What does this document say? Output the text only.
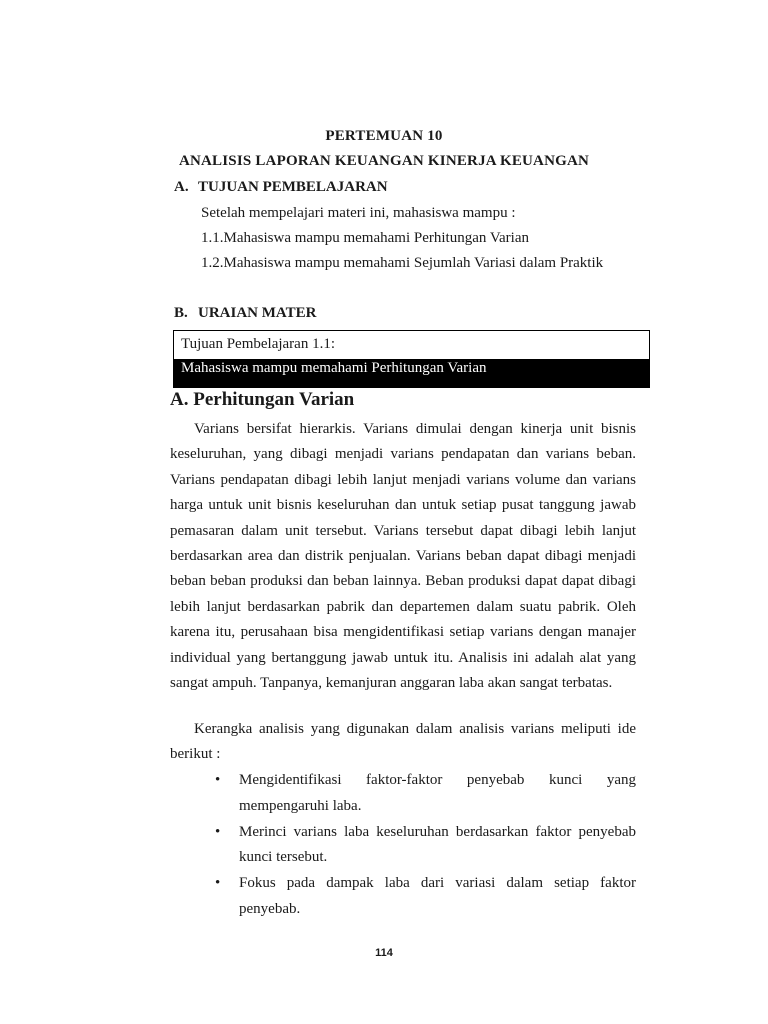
PERTEMUAN 10
ANALISIS LAPORAN KEUANGAN KINERJA KEUANGAN
A. TUJUAN PEMBELAJARAN
Setelah mempelajari materi ini, mahasiswa mampu :
1.1.Mahasiswa mampu memahami Perhitungan Varian
1.2.Mahasiswa mampu memahami Sejumlah Variasi dalam Praktik
B. URAIAN MATER
Tujuan Pembelajaran 1.1:
Mahasiswa mampu memahami Perhitungan Varian
A. Perhitungan Varian

Varians bersifat hierarkis. Varians dimulai dengan kinerja unit bisnis keseluruhan, yang dibagi menjadi varians pendapatan dan varians beban. Varians pendapatan dibagi lebih lanjut menjadi varians volume dan varians harga untuk unit bisnis keseluruhan dan untuk setiap pusat tanggung jawab pemasaran dalam unit tersebut. Varians tersebut dapat dibagi lebih lanjut berdasarkan area dan distrik penjualan. Varians beban dapat dibagi menjadi beban beban produksi dan beban lainnya. Beban produksi dapat dapat dibagi lebih lanjut berdasarkan pabrik dan departemen dalam suatu pabrik. Oleh karena itu, perusahaan bisa mengidentifikasi setiap varians dengan manajer individual yang bertanggung jawab untuk itu. Analisis ini adalah alat yang sangat ampuh. Tanpanya, kemanjuran anggaran laba akan sangat terbatas.

Kerangka analisis yang digunakan dalam analisis varians meliputi ide berikut :

• Mengidentifikasi faktor-faktor penyebab kunci yang mempengaruhi laba.
• Merinci varians laba keseluruhan berdasarkan faktor penyebab kunci tersebut.
• Fokus pada dampak laba dari variasi dalam setiap faktor penyebab.
114
